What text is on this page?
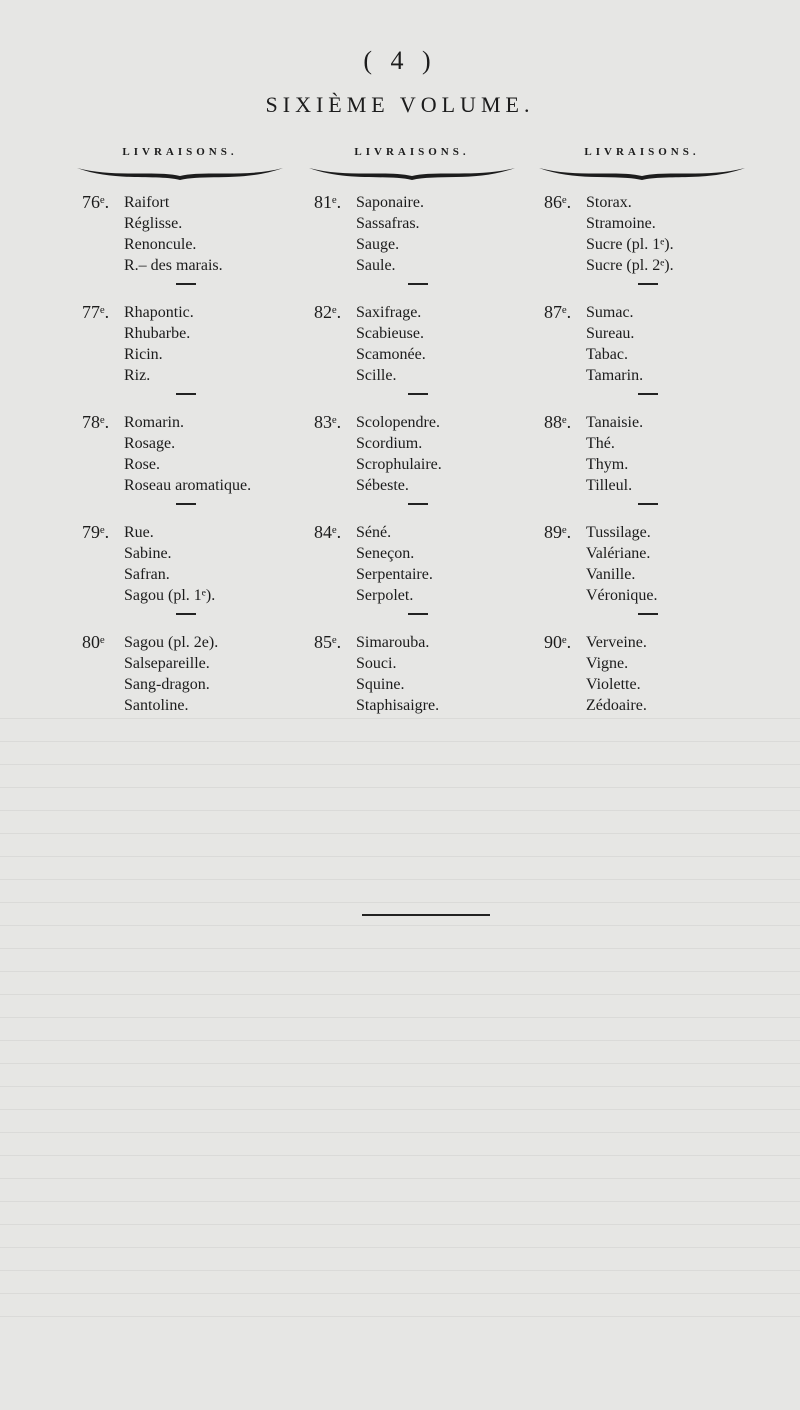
( 4 )
SIXIÈME VOLUME.
LIVRAISONS.
76ᵉ. Raifort
Réglisse.
Renoncule.
R.– des marais.
77ᵉ. Rhapontic.
Rhubarbe.
Ricin.
Riz.
78ᵉ. Romarin.
Rosage.
Rose.
Roseau aromatique.
79ᵉ. Rue.
Sabine.
Safran.
Sagou (pl. 1ᵉ).
80ᵉ Sagou (pl. 2e).
Salsepareille.
Sang-dragon.
Santoline.
LIVRAISONS.
81ᵉ. Saponaire.
Sassafras.
Sauge.
Saule.
82ᵉ. Saxifrage.
Scabieuse.
Scamonée.
Scille.
83ᵉ. Scolopendre.
Scordium.
Scrophulaire.
Sébeste.
84ᵉ. Séné.
Seneçon.
Serpentaire.
Serpolet.
85ᵉ. Simarouba.
Souci.
Squine.
Staphisaigre.
LIVRAISONS.
86ᵉ. Storax.
Stramoine.
Sucre (pl. 1ᵉ).
Sucre (pl. 2ᵉ).
87ᵉ. Sumac.
Sureau.
Tabac.
Tamarin.
88ᵉ. Tanaisie.
Thé.
Thym.
Tilleul.
89ᵉ. Tussilage.
Valériane.
Vanille.
Véronique.
90ᵉ. Verveine.
Vigne.
Violette.
Zédoaire.
